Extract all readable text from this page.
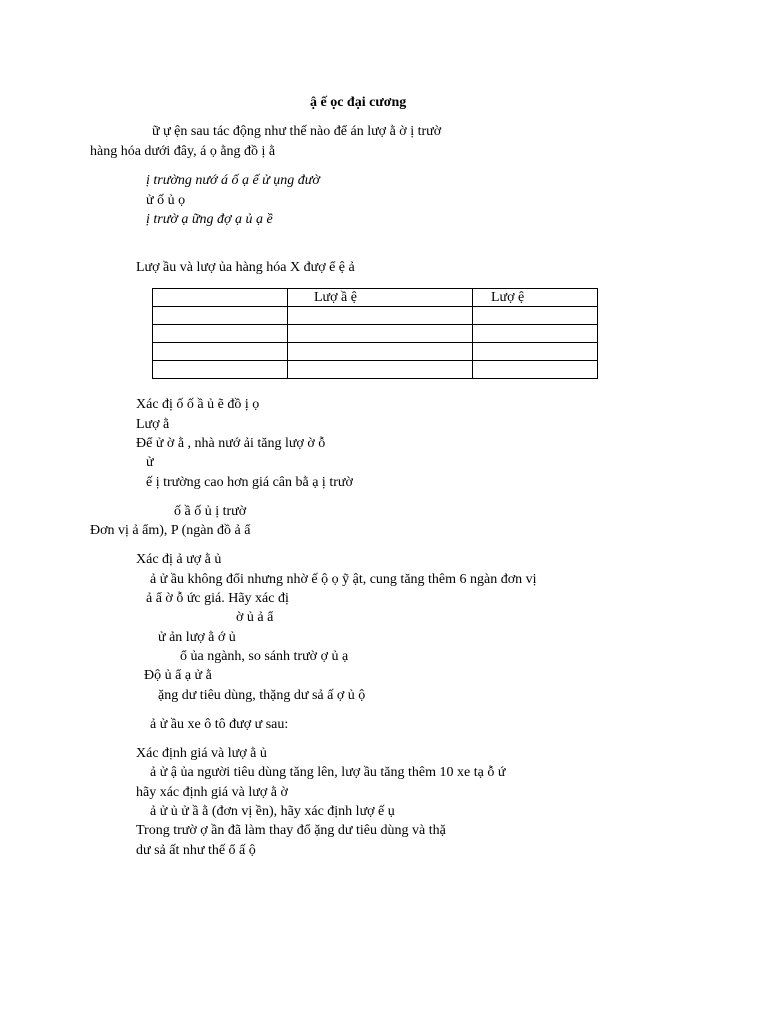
ậ ế ọc đại cương
ữ ự ện sau tác động như thế nào để án lượ ằ ờ ị trườ
hàng hóa dưới đây, á ọ ằng đồ ị ằ
ị trường nướ á ố ạ ế ử ụng đườ
ử ố ủ ọ
ị trườ ạ ững đợ ạ ủ ạ ề
Lượ ầu và lượ ủa hàng hóa X đượ ể ệ ả
	Lượ ầ ệ	Lượ ệ

Xác đị ố ố ầ ủ ẽ đồ ị ọ
Lượ ằ
Để ử ờ ằ , nhà nướ ải tăng lượ ờ ỗ
ử
ế ị trường cao hơn giá cân bằ ạ ị trườ
ố ầ ố ủ ị trườ
Đơn vị ả ẩm), P (ngàn đồ ả ẩ
Xác đị ả ượ ằ ủ
ả ử ầu không đổi nhưng nhờ ế ộ ọ ỹ ật, cung tăng thêm 6 ngàn đơn vị
ả ẩ ờ ỗ ức giá. Hãy xác đị
ờ ủ ả ẩ
ử ản lượ ằ ớ ủ
ổ ủa ngành, so sánh trườ ợ ủ ạ
Độ ủ ẩ ạ ử ằ
ặng dư tiêu dùng, thặng dư sả ấ ợ ủ ộ
ả ử ầu xe ô tô đượ ư sau:
Xác định giá và lượ ằ ủ
ả ử ậ ủa người tiêu dùng tăng lên, lượ ầu tăng thêm 10 xe tạ ỗ ứ
hãy xác định giá và lượ ằ ờ
ả ử ủ ử ầ ằ (đơn vị ền), hãy xác định lượ ế ụ
Trong trườ ợ ần đã làm thay đổ ặng dư tiêu dùng và thặ
dư sả ất như thế ổ ấ ộ
